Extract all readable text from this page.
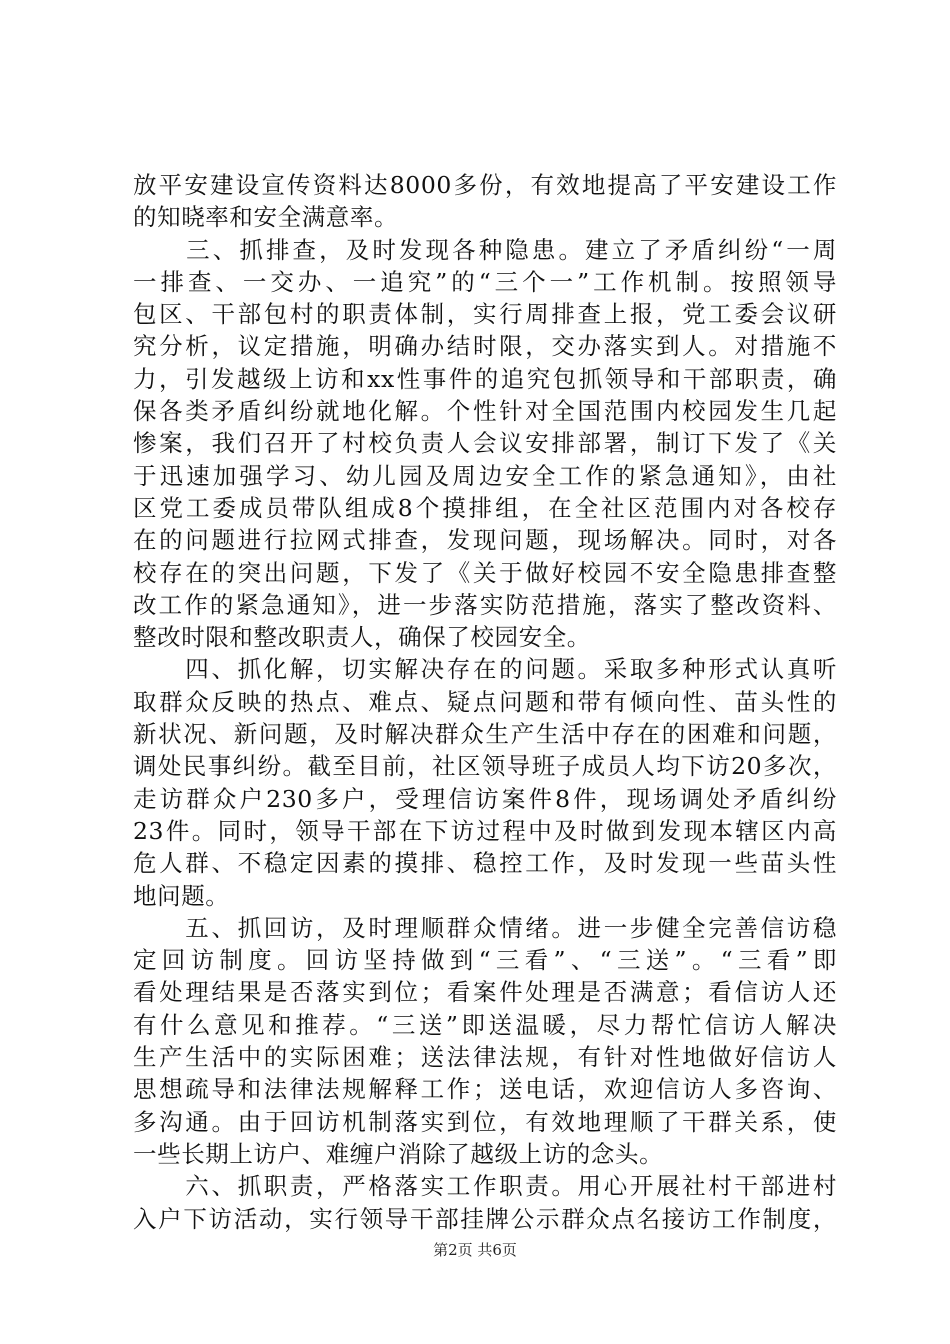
放平安建设宣传资料达8000多份，有效地提高了平安建设工作
的知晓率和安全满意率。
　　三、抓排查，及时发现各种隐患。建立了矛盾纠纷“一周
一排查、一交办、一追究”的“三个一”工作机制。按照领导
包区、干部包村的职责体制，实行周排查上报，党工委会议研
究分析，议定措施，明确办结时限，交办落实到人。对措施不
力，引发越级上访和xx性事件的追究包抓领导和干部职责，确
保各类矛盾纠纷就地化解。个性针对全国范围内校园发生几起
惨案，我们召开了村校负责人会议安排部署，制订下发了《关
于迅速加强学习、幼儿园及周边安全工作的紧急通知》，由社
区党工委成员带队组成8个摸排组，在全社区范围内对各校存
在的问题进行拉网式排查，发现问题，现场解决。同时，对各
校存在的突出问题，下发了《关于做好校园不安全隐患排查整
改工作的紧急通知》，进一步落实防范措施，落实了整改资料、
整改时限和整改职责人，确保了校园安全。
　　四、抓化解，切实解决存在的问题。采取多种形式认真听
取群众反映的热点、难点、疑点问题和带有倾向性、苗头性的
新状况、新问题，及时解决群众生产生活中存在的困难和问题，
调处民事纠纷。截至目前，社区领导班子成员人均下访20多次，
走访群众户230多户，受理信访案件8件，现场调处矛盾纠纷
23件。同时，领导干部在下访过程中及时做到发现本辖区内高
危人群、不稳定因素的摸排、稳控工作，及时发现一些苗头性
地问题。
　　五、抓回访，及时理顺群众情绪。进一步健全完善信访稳
定回访制度。回访坚持做到“三看”、“三送”。“三看”即
看处理结果是否落实到位；看案件处理是否满意；看信访人还
有什么意见和推荐。“三送”即送温暖，尽力帮忙信访人解决
生产生活中的实际困难；送法律法规，有针对性地做好信访人
思想疏导和法律法规解释工作；送电话，欢迎信访人多咨询、
多沟通。由于回访机制落实到位，有效地理顺了干群关系，使
一些长期上访户、难缠户消除了越级上访的念头。
　　六、抓职责，严格落实工作职责。用心开展社村干部进村
入户下访活动，实行领导干部挂牌公示群众点名接访工作制度，
第2页 共6页
